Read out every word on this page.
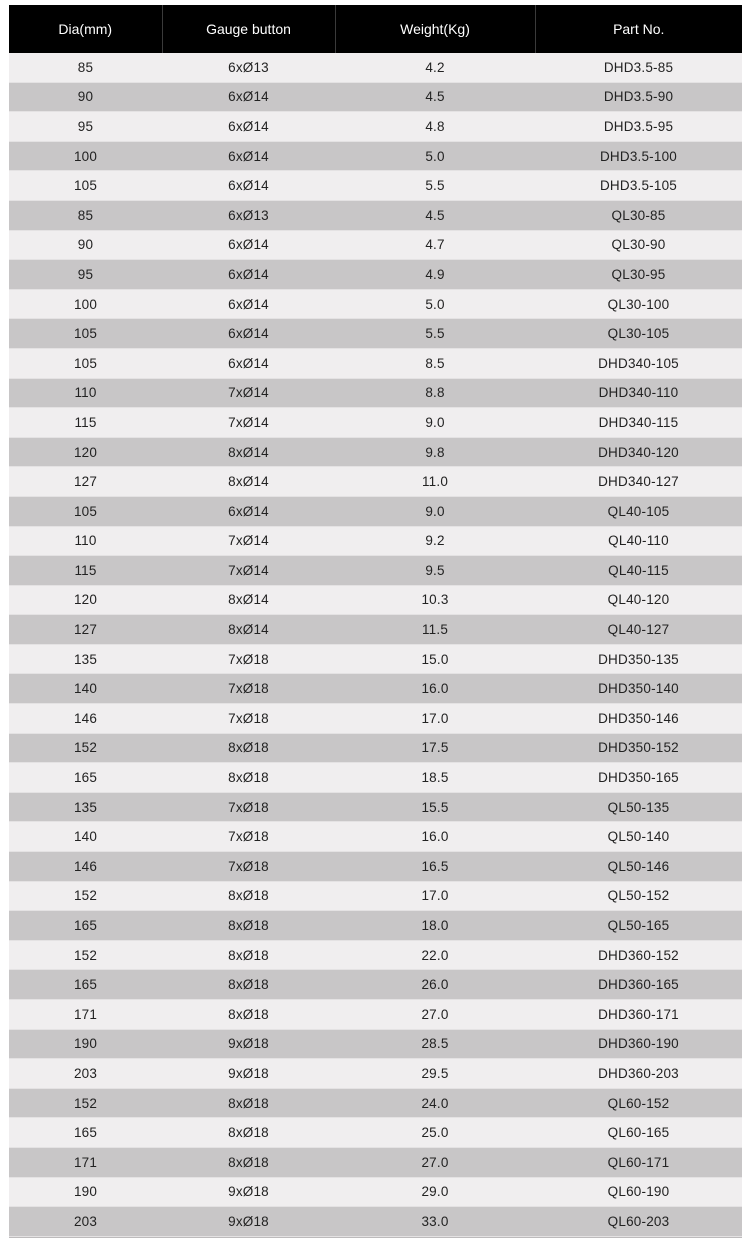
Dia(mm)	Gauge button	Weight(Kg)	Part No.
85	6xØ13	4.2	DHD3.5-85
90	6xØ14	4.5	DHD3.5-90
95	6xØ14	4.8	DHD3.5-95
100	6xØ14	5.0	DHD3.5-100
105	6xØ14	5.5	DHD3.5-105
85	6xØ13	4.5	QL30-85
90	6xØ14	4.7	QL30-90
95	6xØ14	4.9	QL30-95
100	6xØ14	5.0	QL30-100
105	6xØ14	5.5	QL30-105
105	6xØ14	8.5	DHD340-105
110	7xØ14	8.8	DHD340-110
115	7xØ14	9.0	DHD340-115
120	8xØ14	9.8	DHD340-120
127	8xØ14	11.0	DHD340-127
105	6xØ14	9.0	QL40-105
110	7xØ14	9.2	QL40-110
115	7xØ14	9.5	QL40-115
120	8xØ14	10.3	QL40-120
127	8xØ14	11.5	QL40-127
135	7xØ18	15.0	DHD350-135
140	7xØ18	16.0	DHD350-140
146	7xØ18	17.0	DHD350-146
152	8xØ18	17.5	DHD350-152
165	8xØ18	18.5	DHD350-165
135	7xØ18	15.5	QL50-135
140	7xØ18	16.0	QL50-140
146	7xØ18	16.5	QL50-146
152	8xØ18	17.0	QL50-152
165	8xØ18	18.0	QL50-165
152	8xØ18	22.0	DHD360-152
165	8xØ18	26.0	DHD360-165
171	8xØ18	27.0	DHD360-171
190	9xØ18	28.5	DHD360-190
203	9xØ18	29.5	DHD360-203
152	8xØ18	24.0	QL60-152
165	8xØ18	25.0	QL60-165
171	8xØ18	27.0	QL60-171
190	9xØ18	29.0	QL60-190
203	9xØ18	33.0	QL60-203
